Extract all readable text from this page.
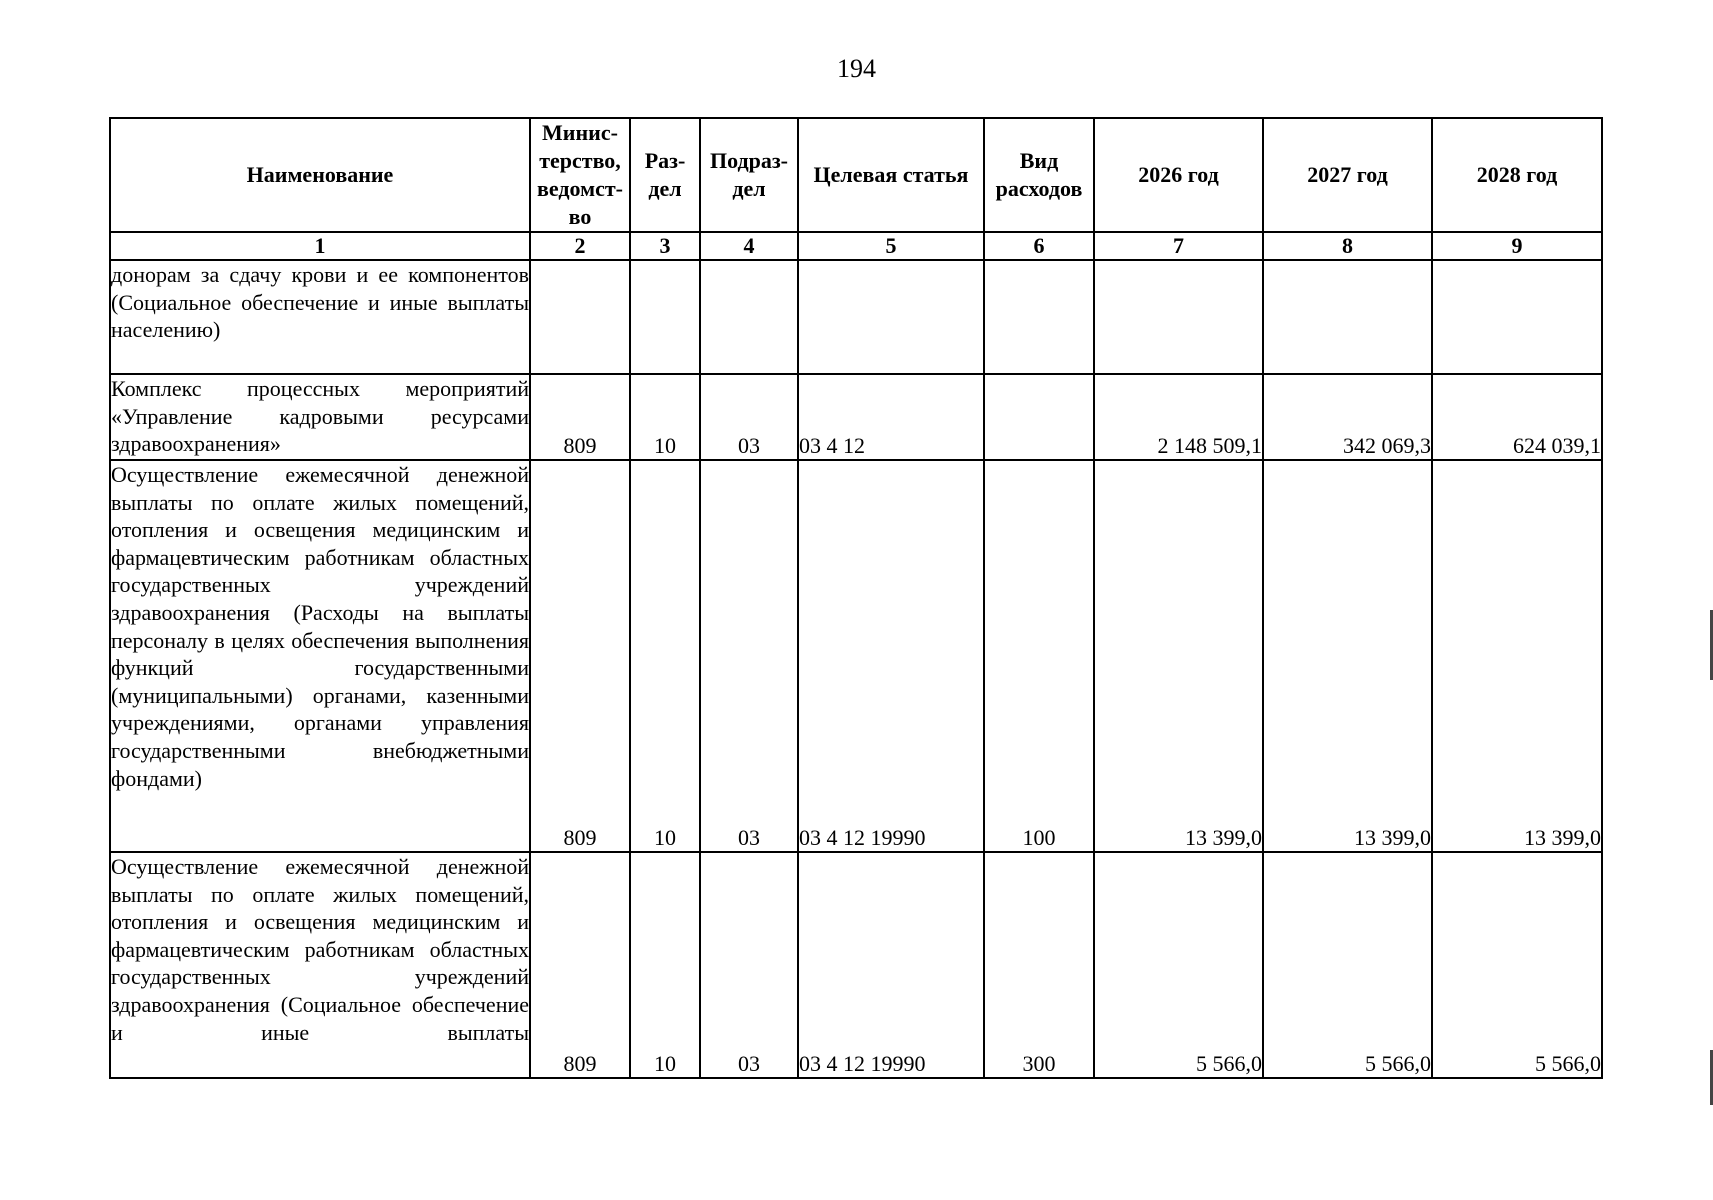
194
Наименование	Минис-терство, ведомст-во	Раз-дел	Подраз-дел	Целевая статья	Вид расходов	2026 год	2027 год	2028 год
1	2	3	4	5	6	7	8	9
донорам за сдачу крови и ее компонентов (Социальное обеспечение и иные выплаты населению)								
Комплекс процессных мероприятий «Управление кадровыми ресурсами здравоохранения»	809	10	03	03 4 12		2 148 509,1	342 069,3	624 039,1
Осуществление ежемесячной денежной выплаты по оплате жилых помещений, отопления и освещения медицинским и фармацевтическим работникам областных государственных учреждений здравоохранения (Расходы на выплаты персоналу в целях обеспечения выполнения функций государственными (муниципальными) органами, казенными учреждениями, органами управления государственными внебюджетными фондами)	809	10	03	03 4 12 19990	100	13 399,0	13 399,0	13 399,0
Осуществление ежемесячной денежной выплаты по оплате жилых помещений, отопления и освещения медицинским и фармацевтическим работникам областных государственных учреждений здравоохранения (Социальное обеспечение и иные выплаты	809	10	03	03 4 12 19990	300	5 566,0	5 566,0	5 566,0
